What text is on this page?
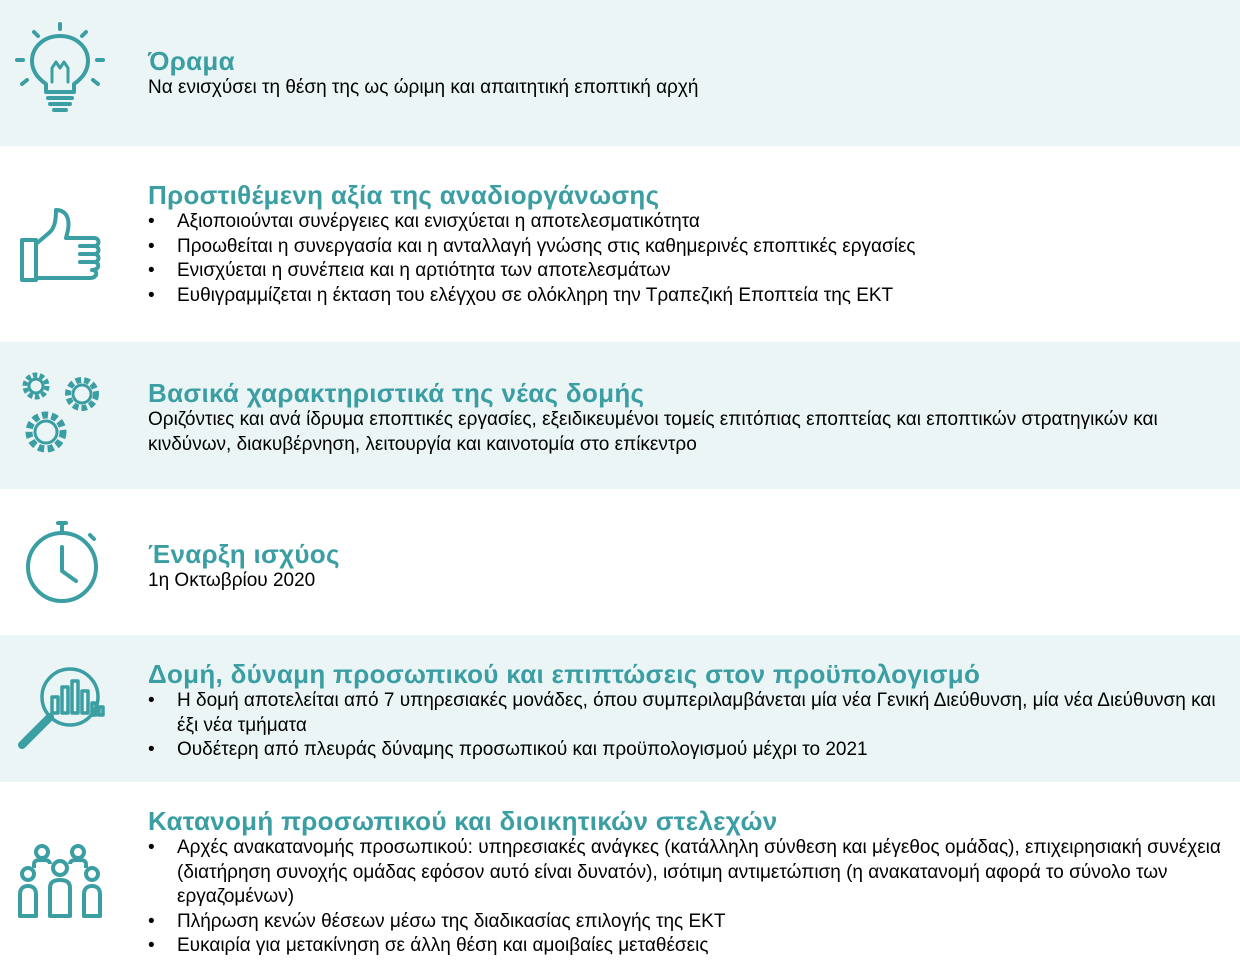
Όραμα

Να ενισχύσει τη θέση της ως ώριμη και απαιτητική εποπτική αρχή

Προστιθέμενη αξία της αναδιοργάνωσης
• Αξιοποιούνται συνέργειες και ενισχύεται η αποτελεσματικότητα
• Προωθείται η συνεργασία και η ανταλλαγή γνώσης στις καθημερινές εποπτικές εργασίες
• Ενισχύεται η συνέπεια και η αρτιότητα των αποτελεσμάτων
• Ευθιγραμμίζεται η έκταση του ελέγχου σε ολόκληρη την Τραπεζική Εποπτεία της ΕΚΤ
Βασικά χαρακτηριστικά της νέας δομής

Οριζόντιες και ανά ίδρυμα εποπτικές εργασίες, εξειδικευμένοι τομείς επιτόπιας εποπτείας και εποπτικών στρατηγικών και κινδύνων, διακυβέρνηση, λειτουργία και καινοτομία στο επίκεντρο

Έναρξη ισχύος

1η Οκτωβρίου 2020

Δομή, δύναμη προσωπικού και επιπτώσεις στον προϋπολογισμό
• Η δομή αποτελείται από 7 υπηρεσιακές μονάδες, όπου συμπεριλαμβάνεται μία νέα Γενική Διεύθυνση, μία νέα Διεύθυνση και έξι νέα τμήματα
• Ουδέτερη από πλευράς δύναμης προσωπικού και προϋπολογισμού μέχρι το 2021
Κατανομή προσωπικού και διοικητικών στελεχών
• Αρχές ανακατανομής προσωπικού: υπηρεσιακές ανάγκες (κατάλληλη σύνθεση και μέγεθος ομάδας), επιχειρησιακή συνέχεια (διατήρηση συνοχής ομάδας εφόσον αυτό είναι δυνατόν), ισότιμη αντιμετώπιση (η ανακατανομή αφορά το σύνολο των εργαζομένων)
• Πλήρωση κενών θέσεων μέσω της διαδικασίας επιλογής της ΕΚΤ
• Ευκαιρία για μετακίνηση σε άλλη θέση και αμοιβαίες μεταθέσεις
